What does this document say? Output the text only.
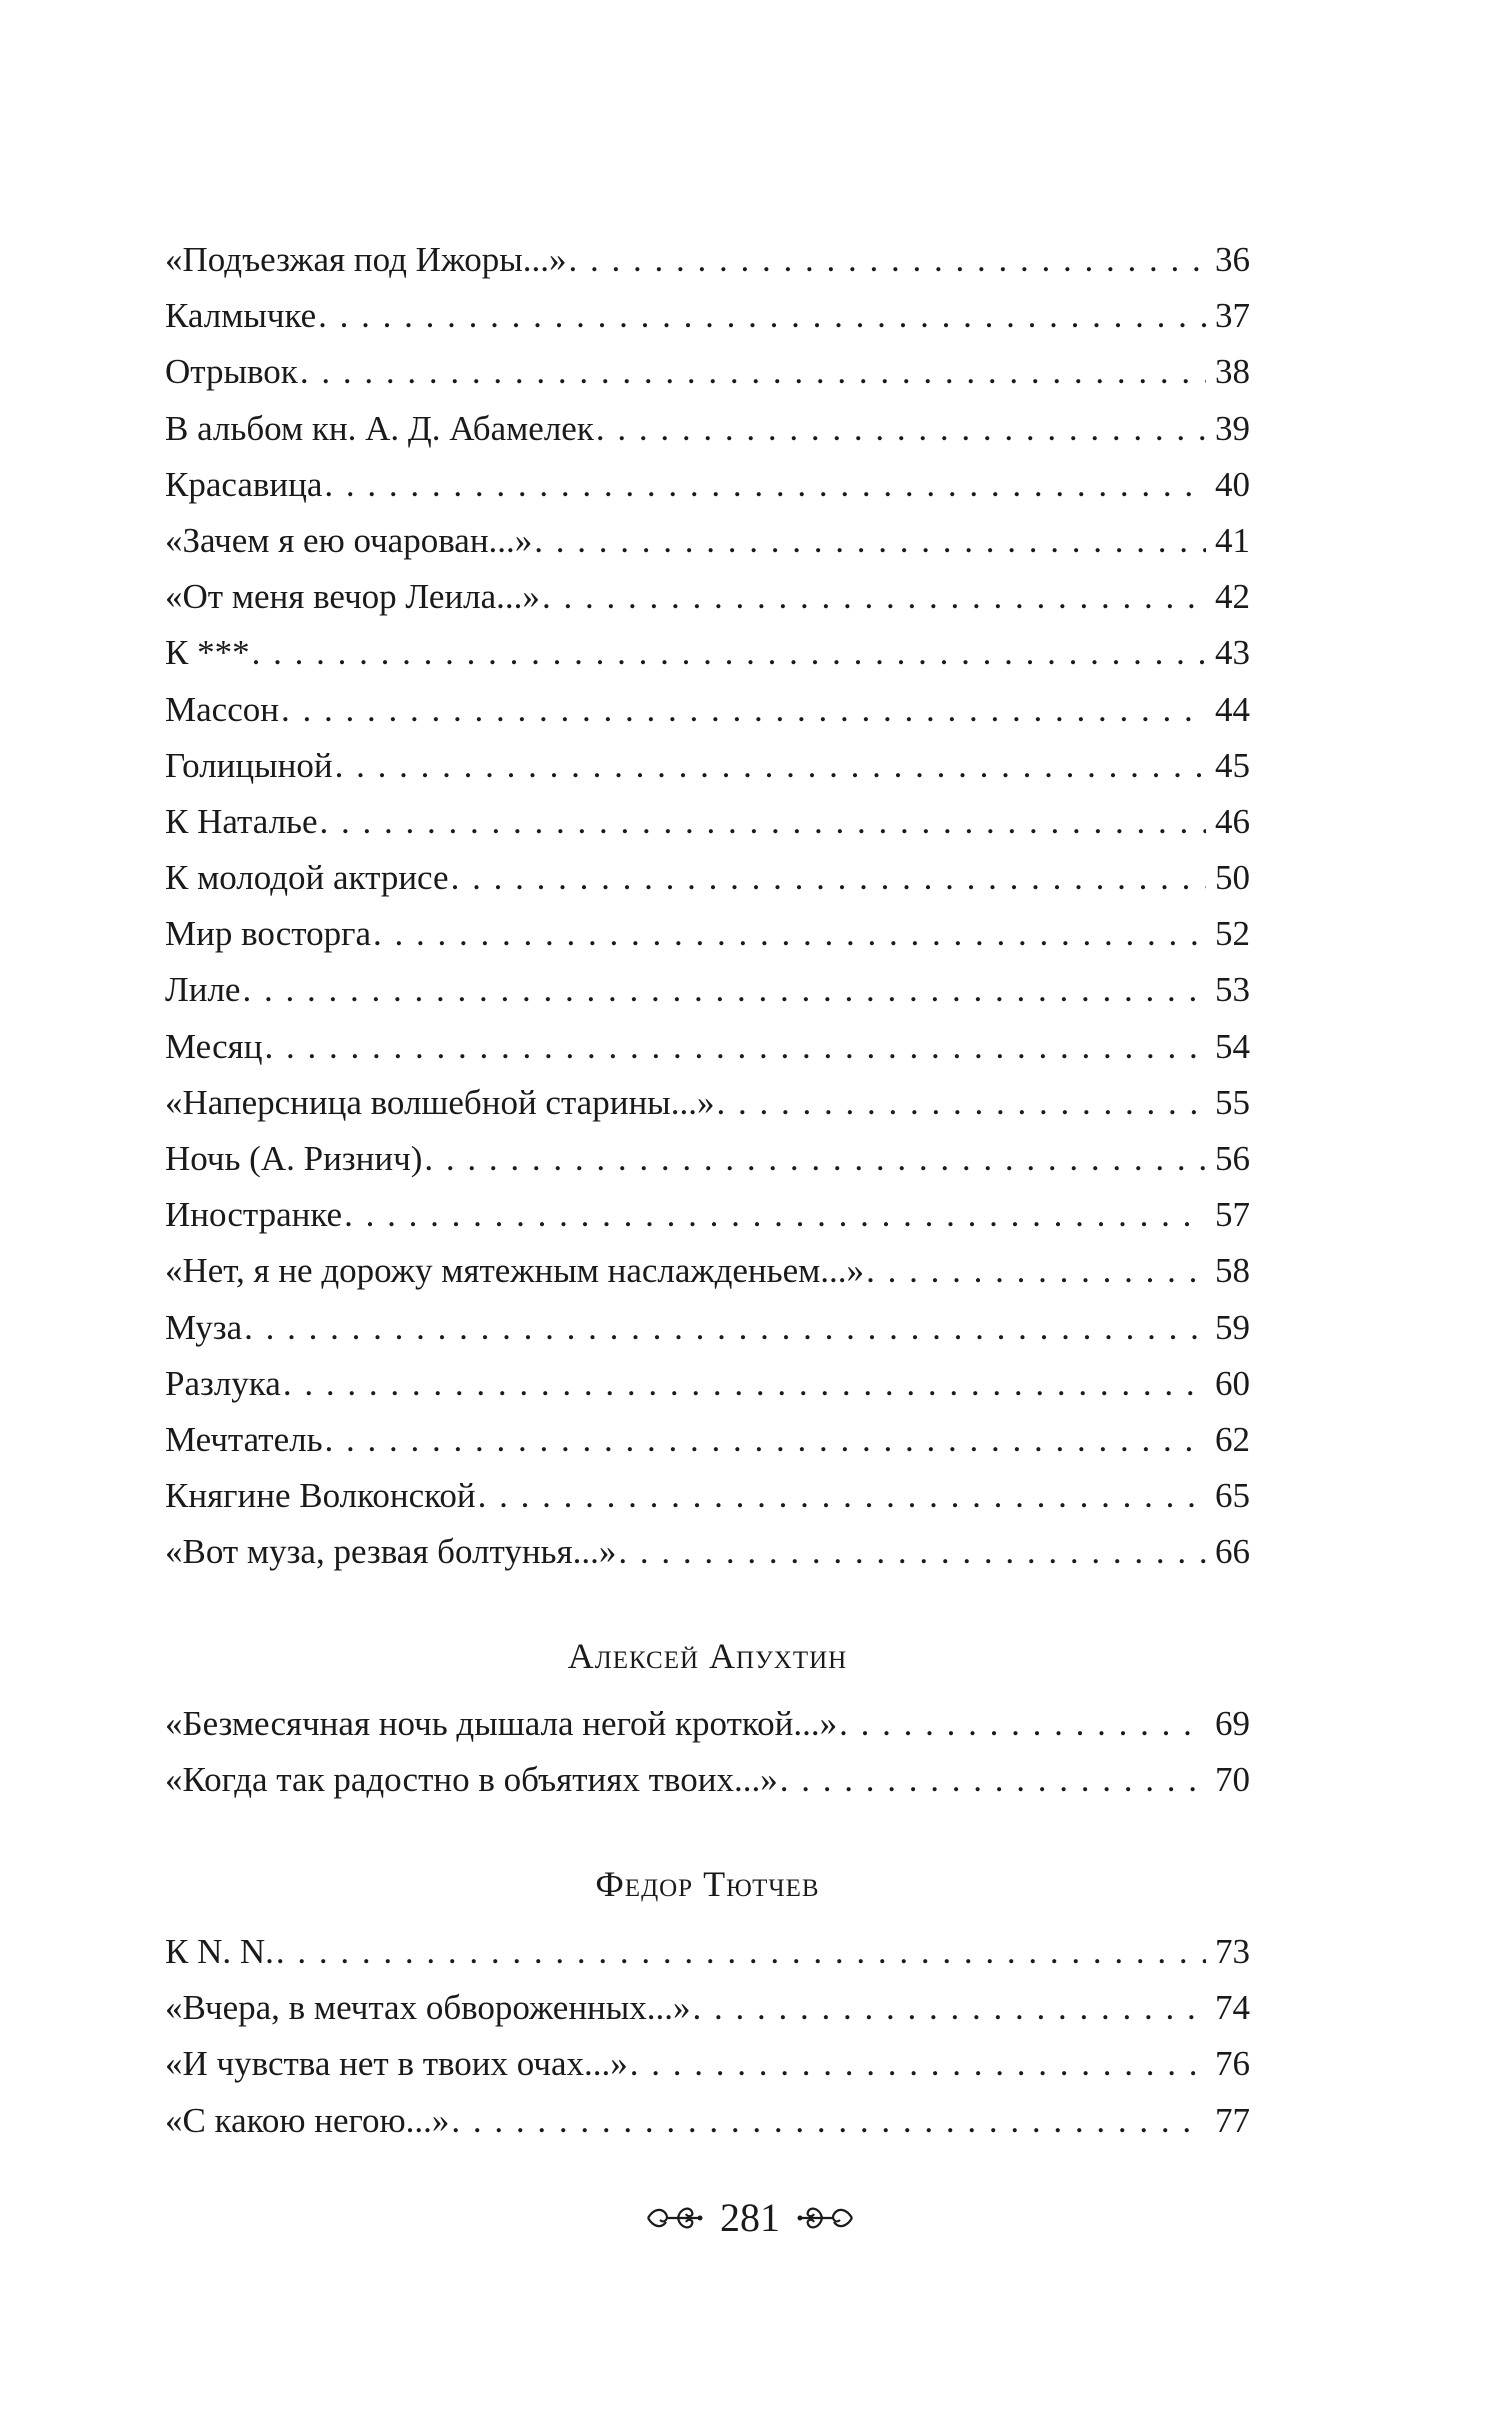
«Подъезжая под Ижоры...» . . .	36
Калмычке . . .	37
Отрывок . . .	38
В альбом кн. А. Д. Абамелек . . .	39
Красавица . . .	40
«Зачем я ею очарован...» . . .	41
«От меня вечор Леила...» . . .	42
К *** . . .	43
Массон . . .	44
Голицыной . . .	45
К Наталье . . .	46
К молодой актрисе . . .	50
Мир восторга . . .	52
Лиле . . .	53
Месяц . . .	54
«Наперсница волшебной старины...» . . .	55
Ночь (А. Ризнич) . . .	56
Иностранке . . .	57
«Нет, я не дорожу мятежным наслажденьем...» . . .	58
Муза . . .	59
Разлука . . .	60
Мечтатель . . .	62
Княгине Волконской . . .	65
«Вот муза, резвая болтунья...» . . .	66
Алексей Апухтин
«Безмесячная ночь дышала негой кроткой...» . . .	69
«Когда так радостно в объятиях твоих...» . . .	70
Федор Тютчев
К N. N. . . .	73
«Вчера, в мечтах обвороженных...» . . .	74
«И чувства нет в твоих очах...» . . .	76
«С какою негою...» . . .	77
281
